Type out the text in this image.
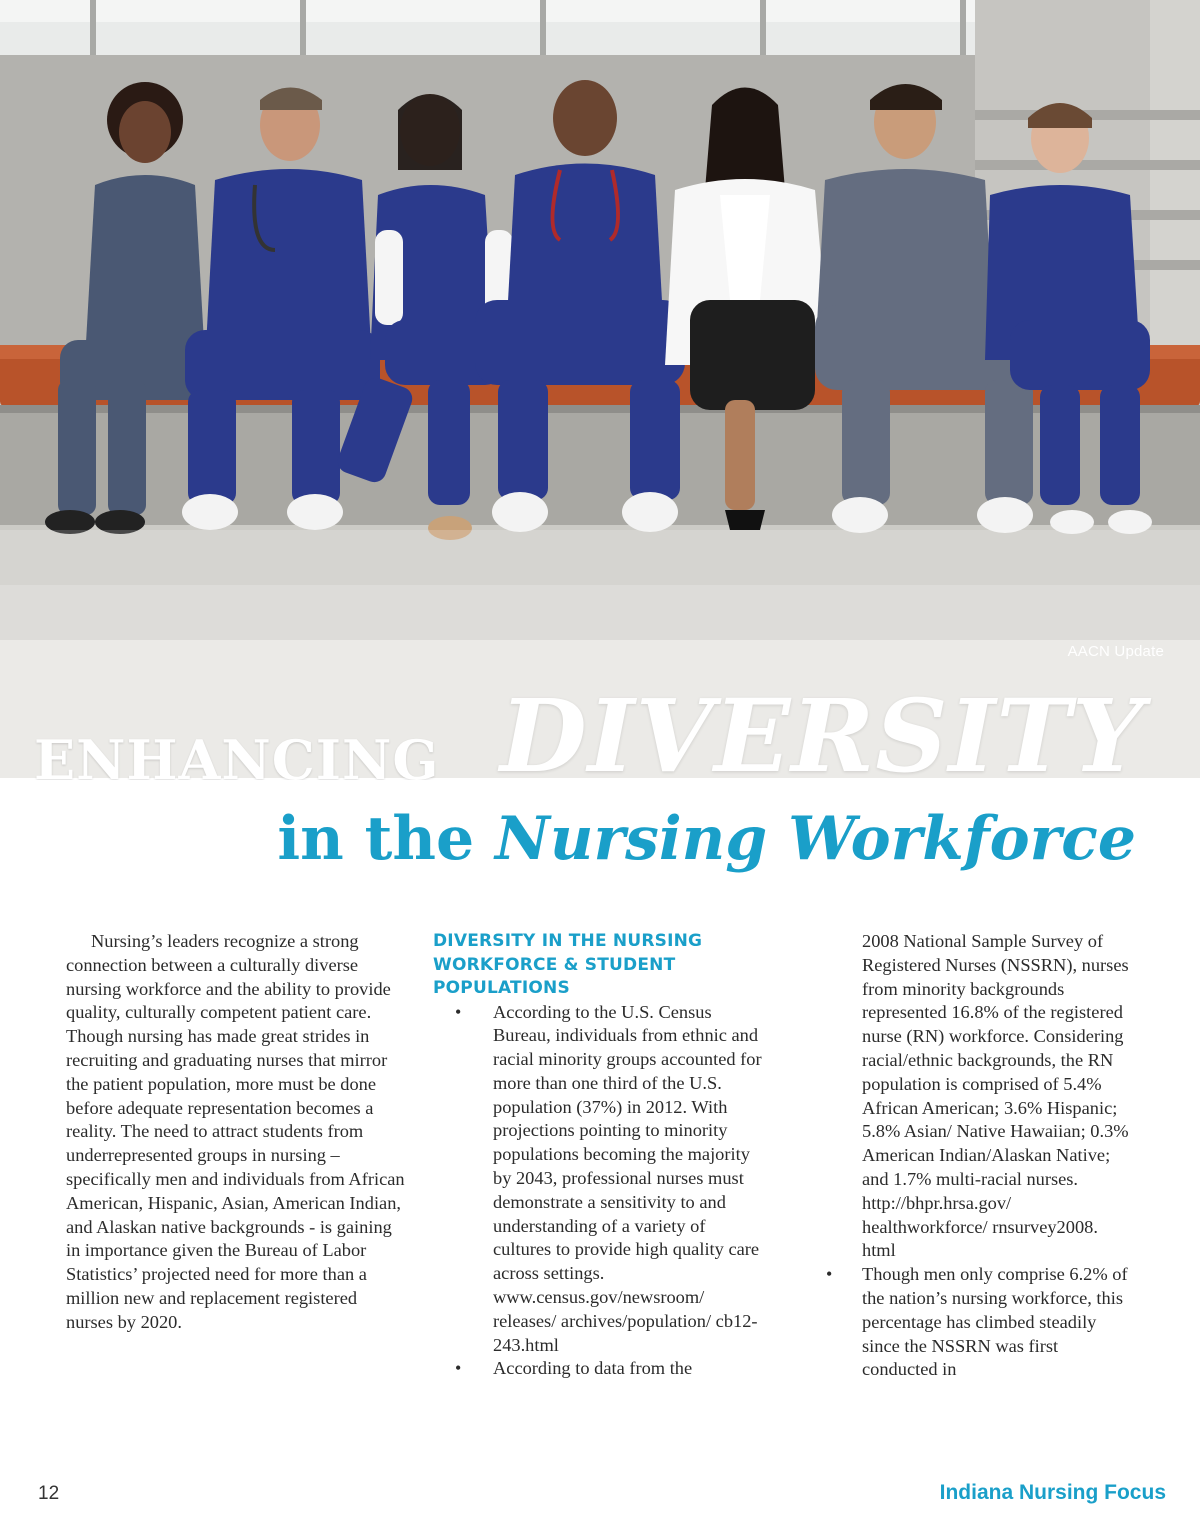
AACN Update
ENHANCING DIVERSITY
in the Nursing Workforce

Nursing’s leaders recognize a strong connection between a culturally diverse nursing workforce and the ability to provide quality, culturally competent patient care. Though nursing has made great strides in recruiting and graduating nurses that mirror the patient population, more must be done before adequate representation becomes a reality. The need to attract students from underrepresented groups in nursing – specifically men and individuals from African American, Hispanic, Asian, American Indian, and Alaskan native backgrounds - is gaining in importance given the Bureau of Labor Statistics’ projected need for more than a million new and replacement registered nurses by 2020.

DIVERSITY IN THE NURSING WORKFORCE & STUDENT POPULATIONS
• According to the U.S. Census Bureau, individuals from ethnic and racial minority groups accounted for more than one third of the U.S. population (37%) in 2012. With projections pointing to minority populations becoming the majority by 2043, professional nurses must demonstrate a sensitivity to and understanding of a variety of cultures to provide high quality care across settings. www.census.gov/newsroom/ releases/ archives/population/ cb12-243.html
• According to data from the

2008 National Sample Survey of Registered Nurses (NSSRN), nurses from minority backgrounds represented 16.8% of the registered nurse (RN) workforce. Considering racial/ethnic backgrounds, the RN population is comprised of 5.4% African American; 3.6% Hispanic; 5.8% Asian/ Native Hawaiian; 0.3% American Indian/Alaskan Native; and 1.7% multi-racial nurses. http://bhpr.hrsa.gov/ healthworkforce/ rnsurvey2008. html

• Though men only comprise 6.2% of the nation’s nursing workforce, this percentage has climbed steadily since the NSSRN was first conducted in
12	Indiana Nursing Focus
